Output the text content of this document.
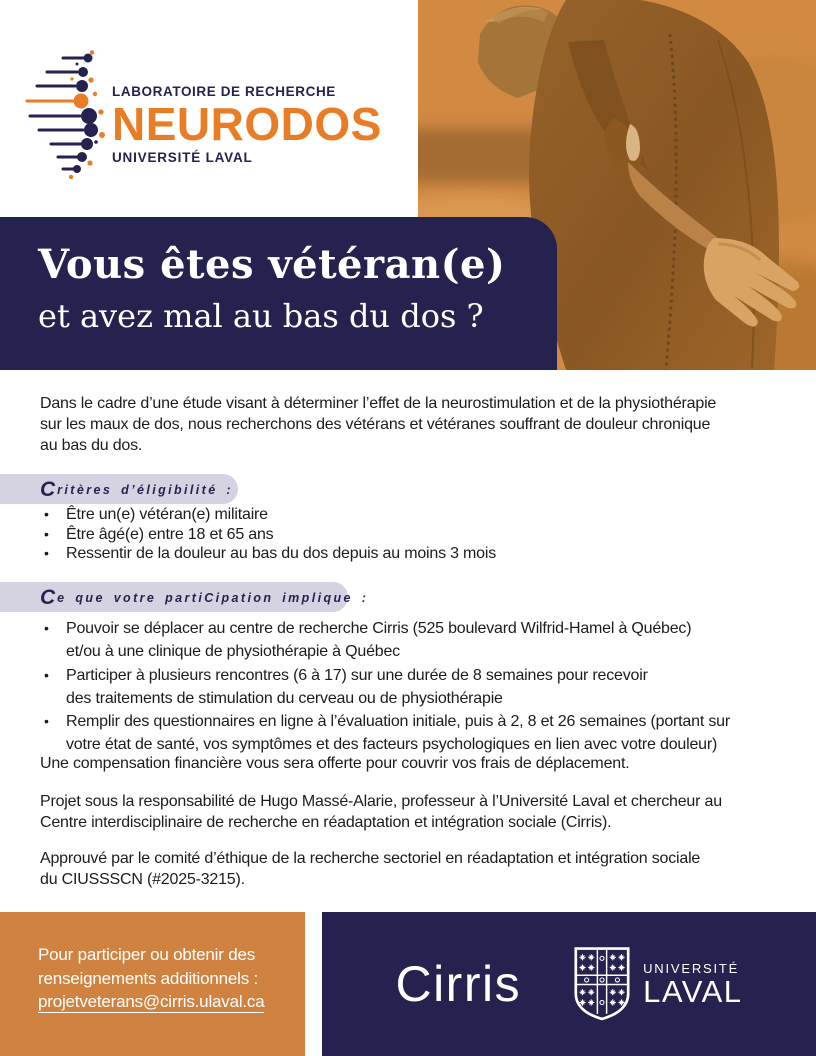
LABORATOIRE DE RECHERCHE
NEURODOS
UNIVERSITÉ LAVAL
Vous êtes vétéran(e)
et avez mal au bas du dos ?

Dans le cadre d’une étude visant à déterminer l’effet de la neurostimulation et de la physiothérapie
sur les maux de dos, nous recherchons des vétérans et vétéranes souffrant de douleur chronique
au bas du dos.

C ritères d’éligibilité :
• Être un(e) vétéran(e) militaire
• Être âgé(e) entre 18 et 65 ans
• Ressentir de la douleur au bas du dos depuis au moins 3 mois
C e que votre partiCipation implique :
• Pouvoir se déplacer au centre de recherche Cirris (525 boulevard Wilfrid-Hamel à Québec)
et/ou à une clinique de physiothérapie à Québec
• Participer à plusieurs rencontres (6 à 17) sur une durée de 8 semaines pour recevoir
des traitements de stimulation du cerveau ou de physiothérapie
• Remplir des questionnaires en ligne à l’évaluation initiale, puis à 2, 8 et 26 semaines (portant sur
votre état de santé, vos symptômes et des facteurs psychologiques en lien avec votre douleur)

Une compensation financière vous sera offerte pour couvrir vos frais de déplacement.

Projet sous la responsabilité de Hugo Massé-Alarie, professeur à l’Université Laval et chercheur au
Centre interdisciplinaire de recherche en réadaptation et intégration sociale (Cirris).

Approuvé par le comité d’éthique de la recherche sectoriel en réadaptation et intégration sociale
du CIUSSSCN (#2025-3215).

Pour participer ou obtenir des
renseignements additionnels :
projetveterans@cirris.ulaval.ca	Cirris	UNIVERSITÉ
LAVAL
